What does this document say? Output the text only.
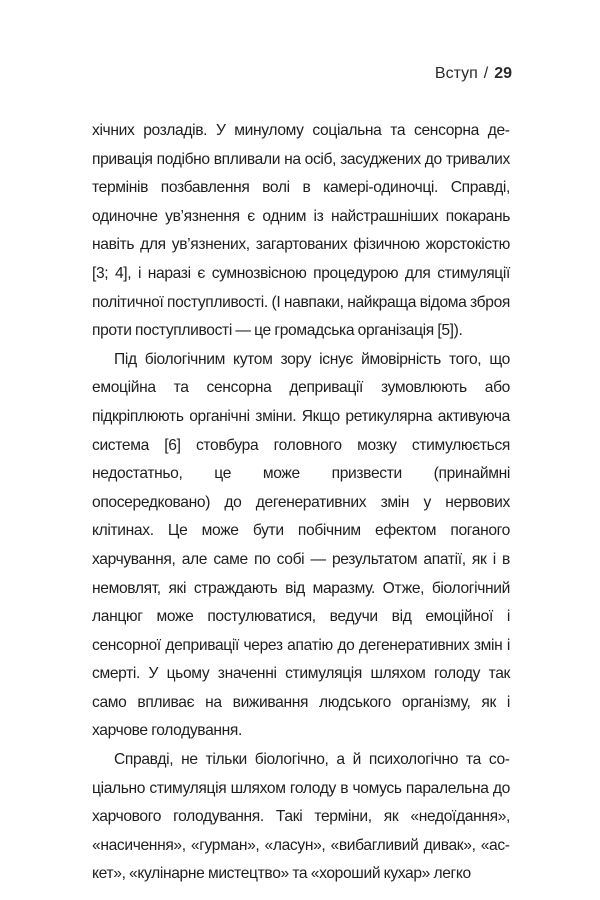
Вступ / 29

хічних розладів. У минулому соціальна та сенсорна депривація подібно впливали на осіб, засуджених до тривалих термінів позбавлення волі в камері-одиночці. Справді, одиночне ув’язнення є одним із найстрашніших покарань навіть для ув’язнених, загартованих фізичною жорстокістю [3; 4], і наразі є сумнозвісною процедурою для стимуляції політичної поступливості. (І навпаки, найкраща відома зброя проти поступливості — це громадська організація [5]).

Під біологічним кутом зору існує ймовірність того, що емоційна та сенсорна депривації зумовлюють або підкріплюють органічні зміни. Якщо ретикулярна активуюча система [6] стовбура головного мозку стимулюється недостатньо, це може призвести (принаймні опосередковано) до дегенеративних змін у нервових клітинах. Це може бути побічним ефектом поганого харчування, але саме по собі — результатом апатії, як і в немовлят, які страждають від маразму. Отже, біологічний ланцюг може постулюватися, ведучи від емоційної і сенсорної депривації через апатію до дегенеративних змін і смерті. У цьому значенні стимуляція шляхом голоду так само впливає на виживання людського організму, як і харчове голодування.

Справді, не тільки біологічно, а й психологічно та соціально стимуляція шляхом голоду в чомусь паралельна до харчового голодування. Такі терміни, як «недоїдання», «насичення», «гурман», «ласун», «вибагливий дивак», «аскет», «кулінарне мистецтво» та «хороший кухар» легко
